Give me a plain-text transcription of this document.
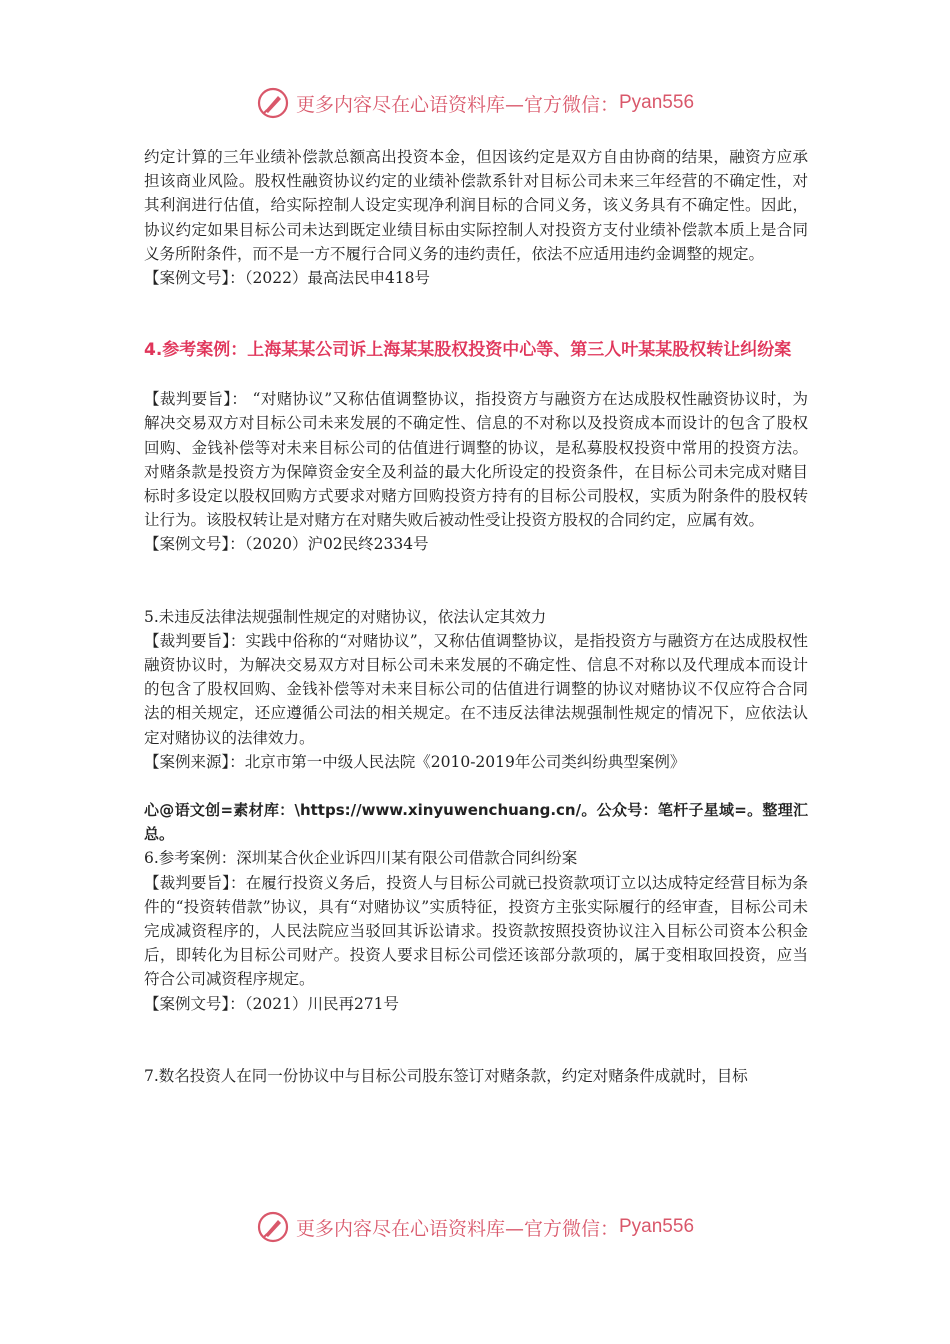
更多内容尽在心语资料库—官方微信： Pyan556

约定计算的三年业绩补偿款总额高出投资本金，但因该约定是双方自由协商的结果，融资方应承担该商业风险。股权性融资协议约定的业绩补偿款系针对目标公司未来三年经营的不确定性，对其利润进行估值，给实际控制人设定实现净利润目标的合同义务，该义务具有不确定性。因此，协议约定如果目标公司未达到既定业绩目标由实际控制人对投资方支付业绩补偿款本质上是合同义务所附条件，而不是一方不履行合同义务的违约责任，依法不应适用违约金调整的规定。

【案例文号】：（2022）最高法民申418号

4.参考案例：上海某某公司诉上海某某股权投资中心等、第三人叶某某股权转让纠纷案

【裁判要旨】： “对赌协议”又称估值调整协议，指投资方与融资方在达成股权性融资协议时，为解决交易双方对目标公司未来发展的不确定性、信息的不对称以及投资成本而设计的包含了股权回购、金钱补偿等对未来目标公司的估值进行调整的协议，是私募股权投资中常用的投资方法。对赌条款是投资方为保障资金安全及利益的最大化所设定的投资条件，在目标公司未完成对赌目标时多设定以股权回购方式要求对赌方回购投资方持有的目标公司股权，实质为附条件的股权转让行为。该股权转让是对赌方在对赌失败后被动性受让投资方股权的合同约定，应属有效。

【案例文号】：（2020）沪02民终2334号

5.未违反法律法规强制性规定的对赌协议，依法认定其效力

【裁判要旨】：实践中俗称的“对赌协议”，又称估值调整协议，是指投资方与融资方在达成股权性融资协议时，为解决交易双方对目标公司未来发展的不确定性、信息不对称以及代理成本而设计的包含了股权回购、金钱补偿等对未来目标公司的估值进行调整的协议对赌协议不仅应符合合同法的相关规定，还应遵循公司法的相关规定。在不违反法律法规强制性规定的情况下，应依法认定对赌协议的法律效力。

【案例来源】：北京市第一中级人民法院《2010-2019年公司类纠纷典型案例》

心@语文创=素材库：\https://www.xinyuwenchuang.cn/。公众号：笔杆子星域=。整理汇总。

6.参考案例：深圳某合伙企业诉四川某有限公司借款合同纠纷案

【裁判要旨】：在履行投资义务后，投资人与目标公司就已投资款项订立以达成特定经营目标为条件的“投资转借款”协议，具有“对赌协议”实质特征，投资方主张实际履行的经审查，目标公司未完成减资程序的，人民法院应当驳回其诉讼请求。投资款按照投资协议注入目标公司资本公积金后，即转化为目标公司财产。投资人要求目标公司偿还该部分款项的，属于变相取回投资，应当符合公司减资程序规定。

【案例文号】：（2021）川民再271号

7.数名投资人在同一份协议中与目标公司股东签订对赌条款，约定对赌条件成就时，目标

更多内容尽在心语资料库—官方微信： Pyan556
